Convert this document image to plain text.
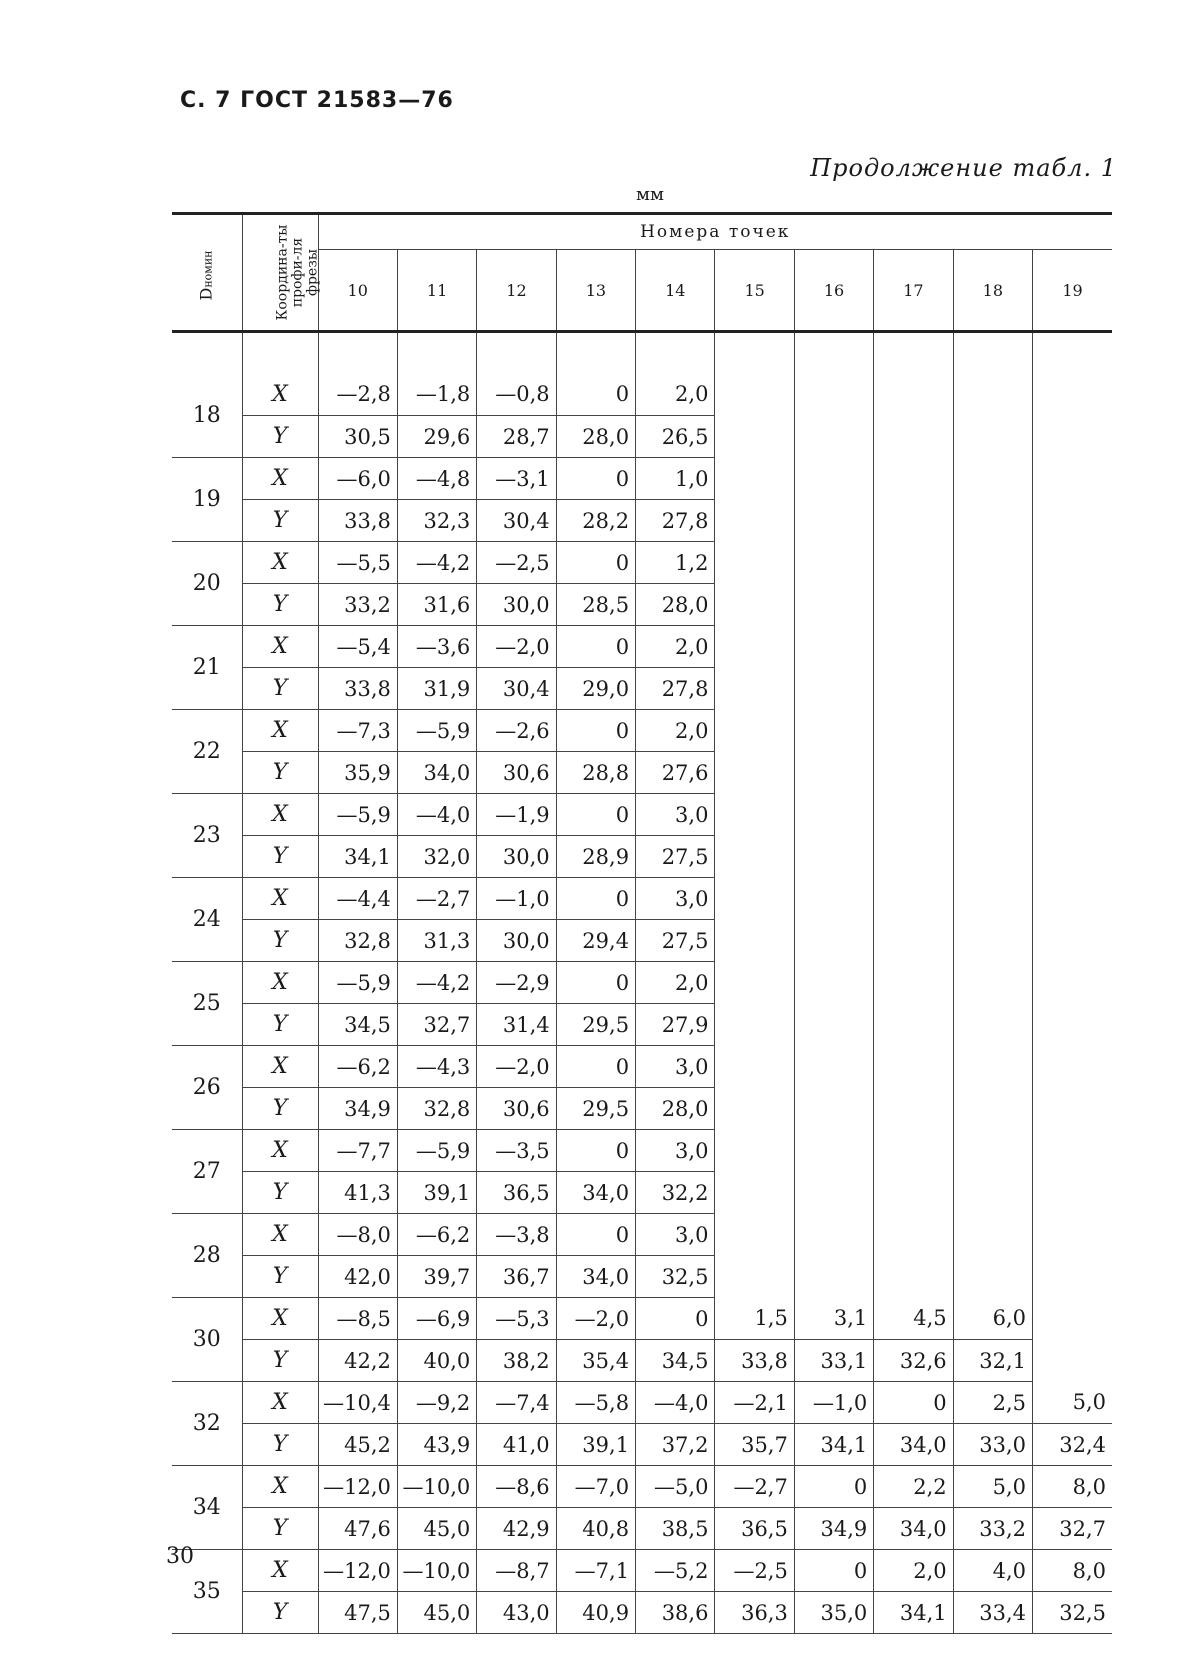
С. 7 ГОСТ 21583—76
Продолжение табл. 1
мм
Dномин	Координа-ты профи-ля фрезы	Номера точек									
		10	11	12	13	14	15	16	17	18	19

18	X	—2,8	—1,8	—0,8	0	2,0					
	Y	30,5	29,6	28,7	28,0	26,5					
19	X	—6,0	—4,8	—3,1	0	1,0					
	Y	33,8	32,3	30,4	28,2	27,8					
20	X	—5,5	—4,2	—2,5	0	1,2					
	Y	33,2	31,6	30,0	28,5	28,0					
21	X	—5,4	—3,6	—2,0	0	2,0					
	Y	33,8	31,9	30,4	29,0	27,8					
22	X	—7,3	—5,9	—2,6	0	2,0					
	Y	35,9	34,0	30,6	28,8	27,6					
23	X	—5,9	—4,0	—1,9	0	3,0					
	Y	34,1	32,0	30,0	28,9	27,5					
24	X	—4,4	—2,7	—1,0	0	3,0					
	Y	32,8	31,3	30,0	29,4	27,5					
25	X	—5,9	—4,2	—2,9	0	2,0					
	Y	34,5	32,7	31,4	29,5	27,9					
26	X	—6,2	—4,3	—2,0	0	3,0					
	Y	34,9	32,8	30,6	29,5	28,0					
27	X	—7,7	—5,9	—3,5	0	3,0					
	Y	41,3	39,1	36,5	34,0	32,2					
28	X	—8,0	—6,2	—3,8	0	3,0					
	Y	42,0	39,7	36,7	34,0	32,5					
30	X	—8,5	—6,9	—5,3	—2,0	0	1,5	3,1	4,5	6,0	
	Y	42,2	40,0	38,2	35,4	34,5	33,8	33,1	32,6	32,1	
32	X	—10,4	—9,2	—7,4	—5,8	—4,0	—2,1	—1,0	0	2,5	5,0
	Y	45,2	43,9	41,0	39,1	37,2	35,7	34,1	34,0	33,0	32,4
34	X	—12,0	—10,0	—8,6	—7,0	—5,0	—2,7	0	2,2	5,0	8,0
	Y	47,6	45,0	42,9	40,8	38,5	36,5	34,9	34,0	33,2	32,7
35	X	—12,0	—10,0	—8,7	—7,1	—5,2	—2,5	0	2,0	4,0	8,0
	Y	47,5	45,0	43,0	40,9	38,6	36,3	35,0	34,1	33,4	32,5
30
